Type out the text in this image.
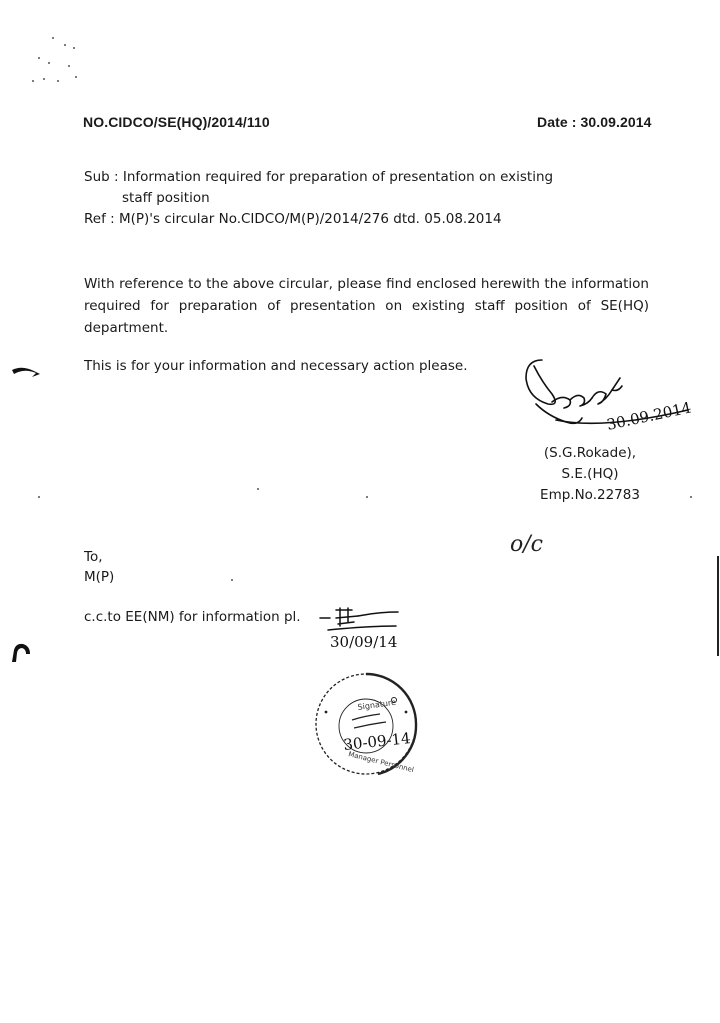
NO.CIDCO/SE(HQ)/2014/110	Date : 30.09.2014
Sub : Information required for preparation of presentation on existing
staff position
Ref : M(P)'s circular No.CIDCO/M(P)/2014/276 dtd. 05.08.2014
With reference to the above circular, please find enclosed herewith the information required for preparation of presentation on existing staff position of SE(HQ) department.
This is for your information and necessary action please.
30.09.2014
(S.G.Rokade),
S.E.(HQ)
Emp.No.22783
o/c
To,
M(P)
c.c.to EE(NM) for information pl.
30/09/14
Signature
Manager Personnel
30-09-14
